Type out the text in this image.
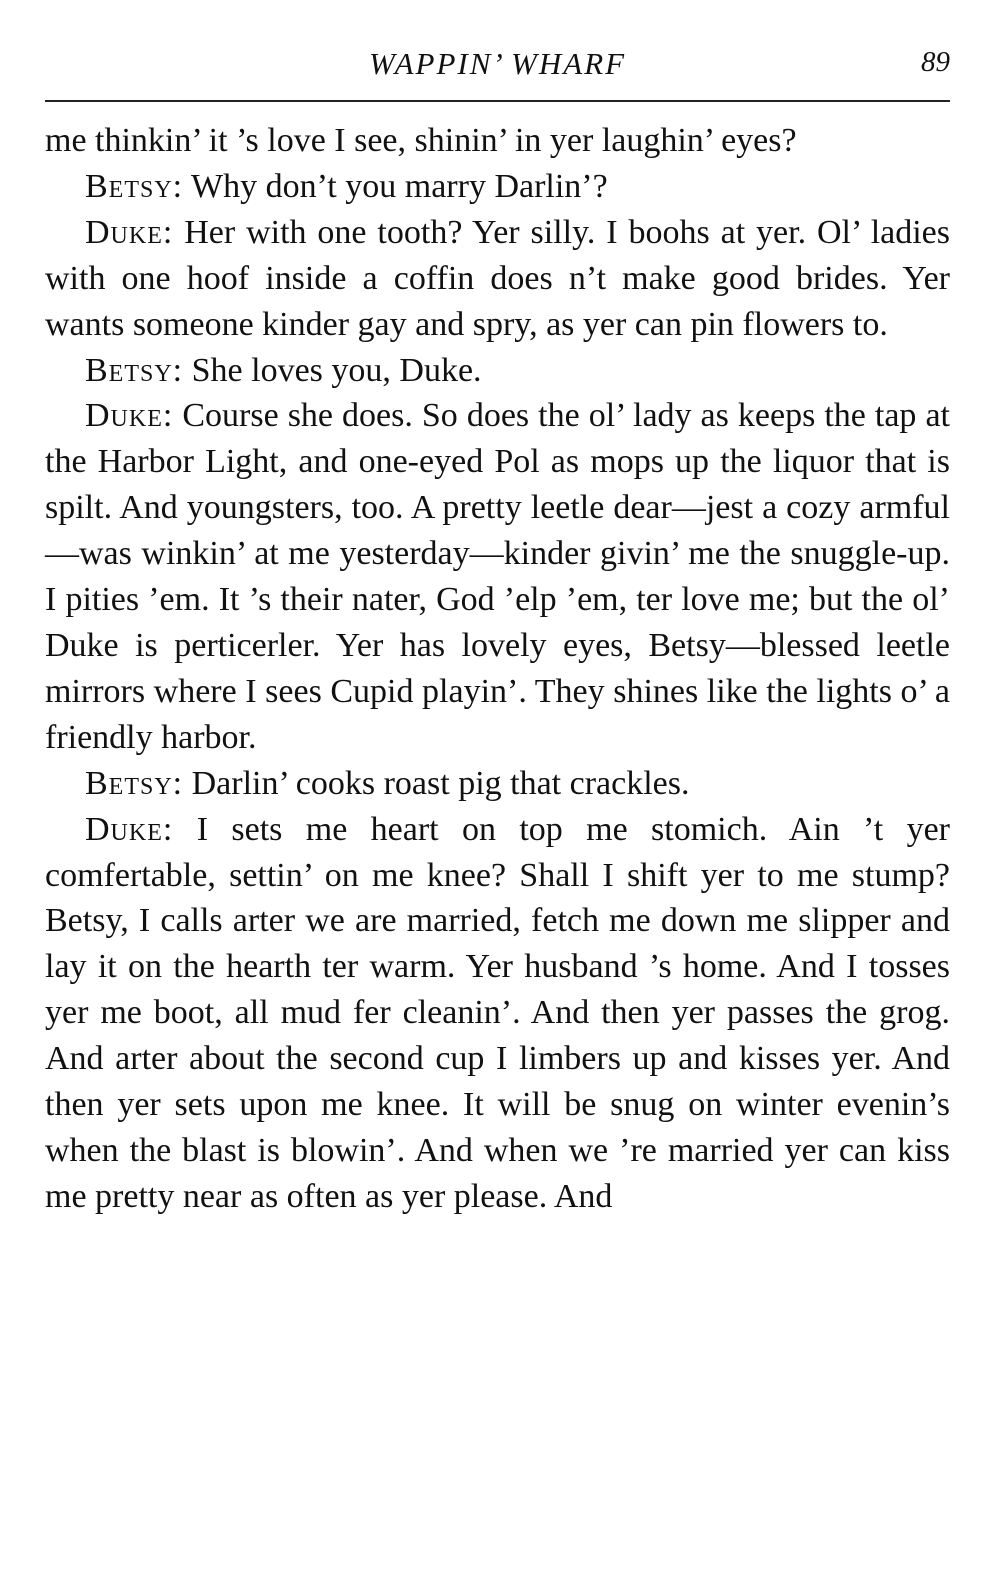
WAPPIN’ WHARF	89

me thinkin’ it ’s love I see, shinin’ in yer laughin’ eyes?

Betsy: Why don’t you marry Darlin’?

Duke: Her with one tooth? Yer silly. I boohs at yer. Ol’ ladies with one hoof inside a coffin does n’t make good brides. Yer wants someone kinder gay and spry, as yer can pin flowers to.

Betsy: She loves you, Duke.

Duke: Course she does. So does the ol’ lady as keeps the tap at the Harbor Light, and one-eyed Pol as mops up the liquor that is spilt. And youngsters, too. A pretty leetle dear—jest a cozy armful—was winkin’ at me yesterday—kinder givin’ me the snuggle-up. I pities ’em. It ’s their nater, God ’elp ’em, ter love me; but the ol’ Duke is perticerler. Yer has lovely eyes, Betsy—blessed leetle mirrors where I sees Cupid playin’. They shines like the lights o’ a friendly harbor.

Betsy: Darlin’ cooks roast pig that crackles.

Duke: I sets me heart on top me stomich. Ain ’t yer comfertable, settin’ on me knee? Shall I shift yer to me stump? Betsy, I calls arter we are married, fetch me down me slipper and lay it on the hearth ter warm. Yer husband ’s home. And I tosses yer me boot, all mud fer cleanin’. And then yer passes the grog. And arter about the second cup I limbers up and kisses yer. And then yer sets upon me knee. It will be snug on winter evenin’s when the blast is blowin’. And when we ’re married yer can kiss me pretty near as often as yer please. And
